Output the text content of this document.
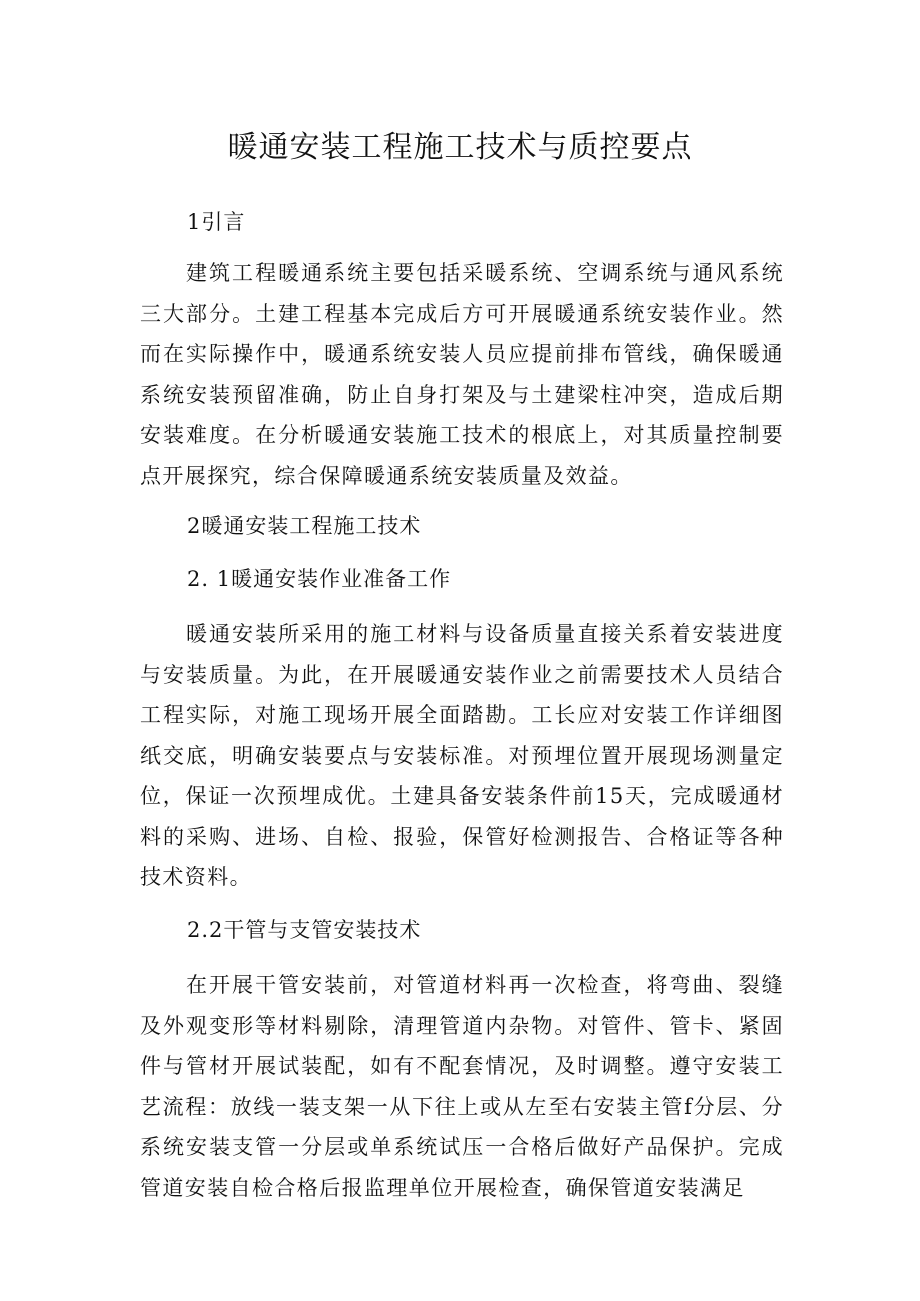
暖通安装工程施工技术与质控要点
1引言

建筑工程暖通系统主要包括采暖系统、空调系统与通风系统三大部分。土建工程基本完成后方可开展暖通系统安装作业。然而在实际操作中，暖通系统安装人员应提前排布管线，确保暖通系统安装预留准确，防止自身打架及与土建梁柱冲突，造成后期安装难度。在分析暖通安装施工技术的根底上，对其质量控制要点开展探究，综合保障暖通系统安装质量及效益。

2暖通安装工程施工技术
2. 1暖通安装作业准备工作

暖通安装所采用的施工材料与设备质量直接关系着安装进度与安装质量。为此，在开展暖通安装作业之前需要技术人员结合工程实际，对施工现场开展全面踏勘。工长应对安装工作详细图纸交底，明确安装要点与安装标准。对预埋位置开展现场测量定位，保证一次预埋成优。土建具备安装条件前15天，完成暖通材料的采购、进场、自检、报验，保管好检测报告、合格证等各种技术资料。

2.2干管与支管安装技术

在开展干管安装前，对管道材料再一次检查，将弯曲、裂缝及外观变形等材料剔除，清理管道内杂物。对管件、管卡、紧固件与管材开展试装配，如有不配套情况，及时调整。遵守安装工艺流程：放线一装支架一从下往上或从左至右安装主管f分层、分系统安装支管一分层或单系统试压一合格后做好产品保护。完成管道安装自检合格后报监理单位开展检查，确保管道安装满足
